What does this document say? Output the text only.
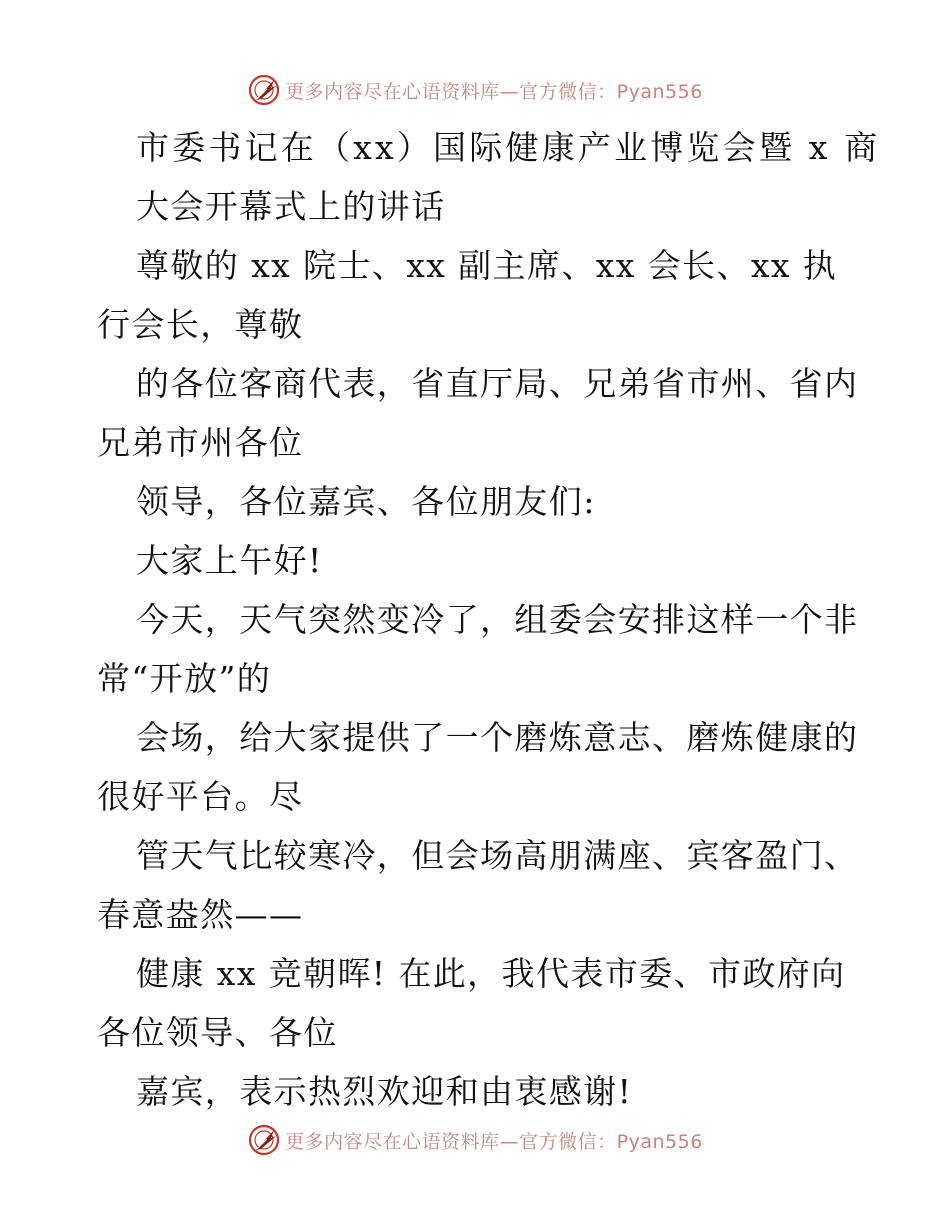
更多内容尽在心语资料库—官方微信：Pyan556
市委书记在（xx）国际健康产业博览会暨 x 商
大会开幕式上的讲话
尊敬的 xx 院士、xx 副主席、xx 会长、xx 执
行会长，尊敬
的各位客商代表，省直厅局、兄弟省市州、省内
兄弟市州各位
领导，各位嘉宾、各位朋友们:
大家上午好!
今天，天气突然变冷了，组委会安排这样一个非
常“开放”的
会场，给大家提供了一个磨炼意志、磨炼健康的
很好平台。尽
管天气比较寒冷，但会场高朋满座、宾客盈门、
春意盎然——
健康 xx 竞朝晖! 在此，我代表市委、市政府向
各位领导、各位
嘉宾，表示热烈欢迎和由衷感谢!
更多内容尽在心语资料库—官方微信：Pyan556
